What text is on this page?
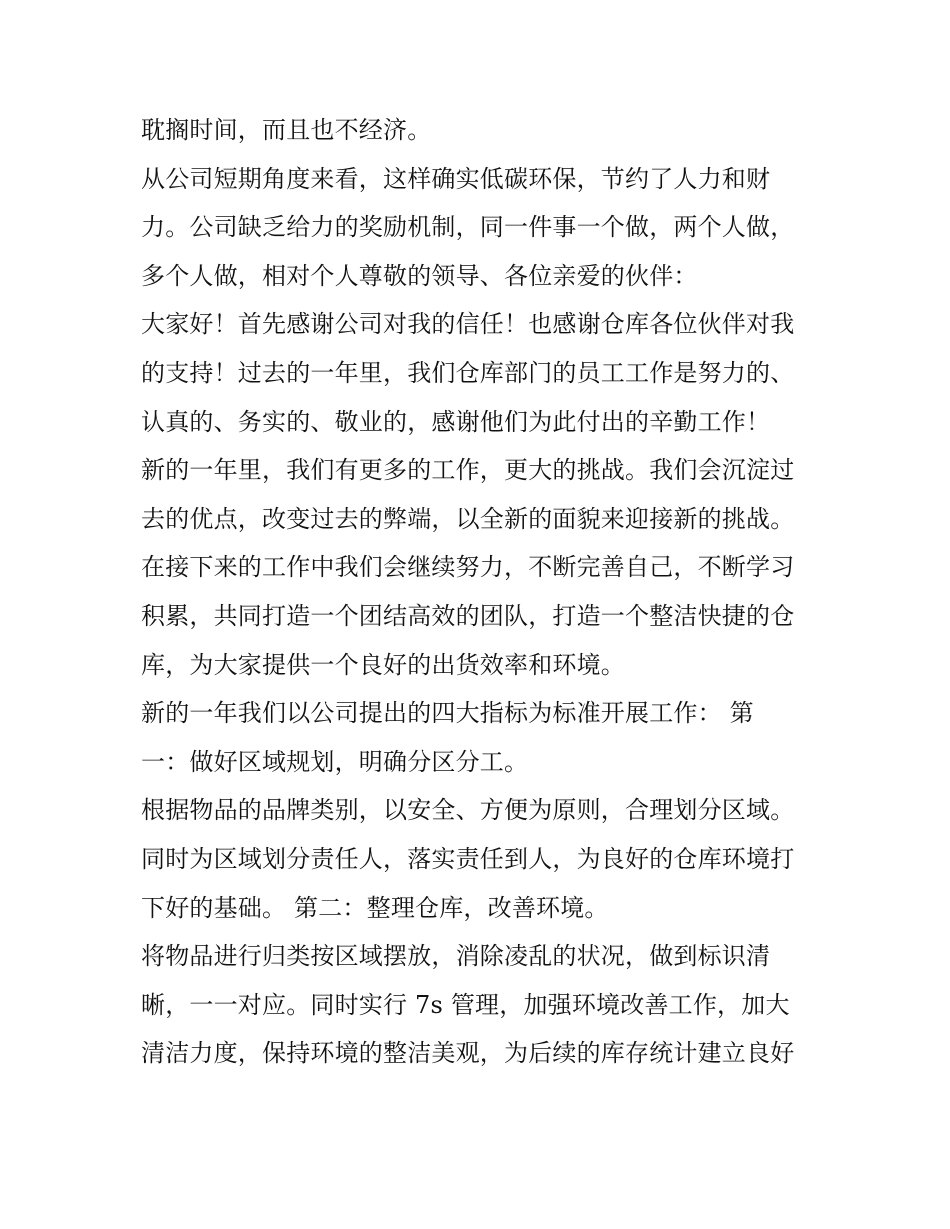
耽搁时间，而且也不经济。
从公司短期角度来看，这样确实低碳环保，节约了人力和财
力。公司缺乏给力的奖励机制，同一件事一个做，两个人做，
多个人做，相对个人尊敬的领导、各位亲爱的伙伴：
大家好！首先感谢公司对我的信任！也感谢仓库各位伙伴对我
的支持！过去的一年里，我们仓库部门的员工工作是努力的、
认真的、务实的、敬业的，感谢他们为此付出的辛勤工作！
新的一年里，我们有更多的工作，更大的挑战。我们会沉淀过
去的优点，改变过去的弊端，以全新的面貌来迎接新的挑战。
在接下来的工作中我们会继续努力，不断完善自己，不断学习
积累，共同打造一个团结高效的团队，打造一个整洁快捷的仓
库，为大家提供一个良好的出货效率和环境。
新的一年我们以公司提出的四大指标为标准开展工作： 第
一：做好区域规划，明确分区分工。
根据物品的品牌类别，以安全、方便为原则，合理划分区域。
同时为区域划分责任人，落实责任到人，为良好的仓库环境打
下好的基础。 第二：整理仓库，改善环境。
将物品进行归类按区域摆放，消除凌乱的状况，做到标识清
晰，一一对应。同时实行 7s 管理，加强环境改善工作，加大
清洁力度，保持环境的整洁美观，为后续的库存统计建立良好
